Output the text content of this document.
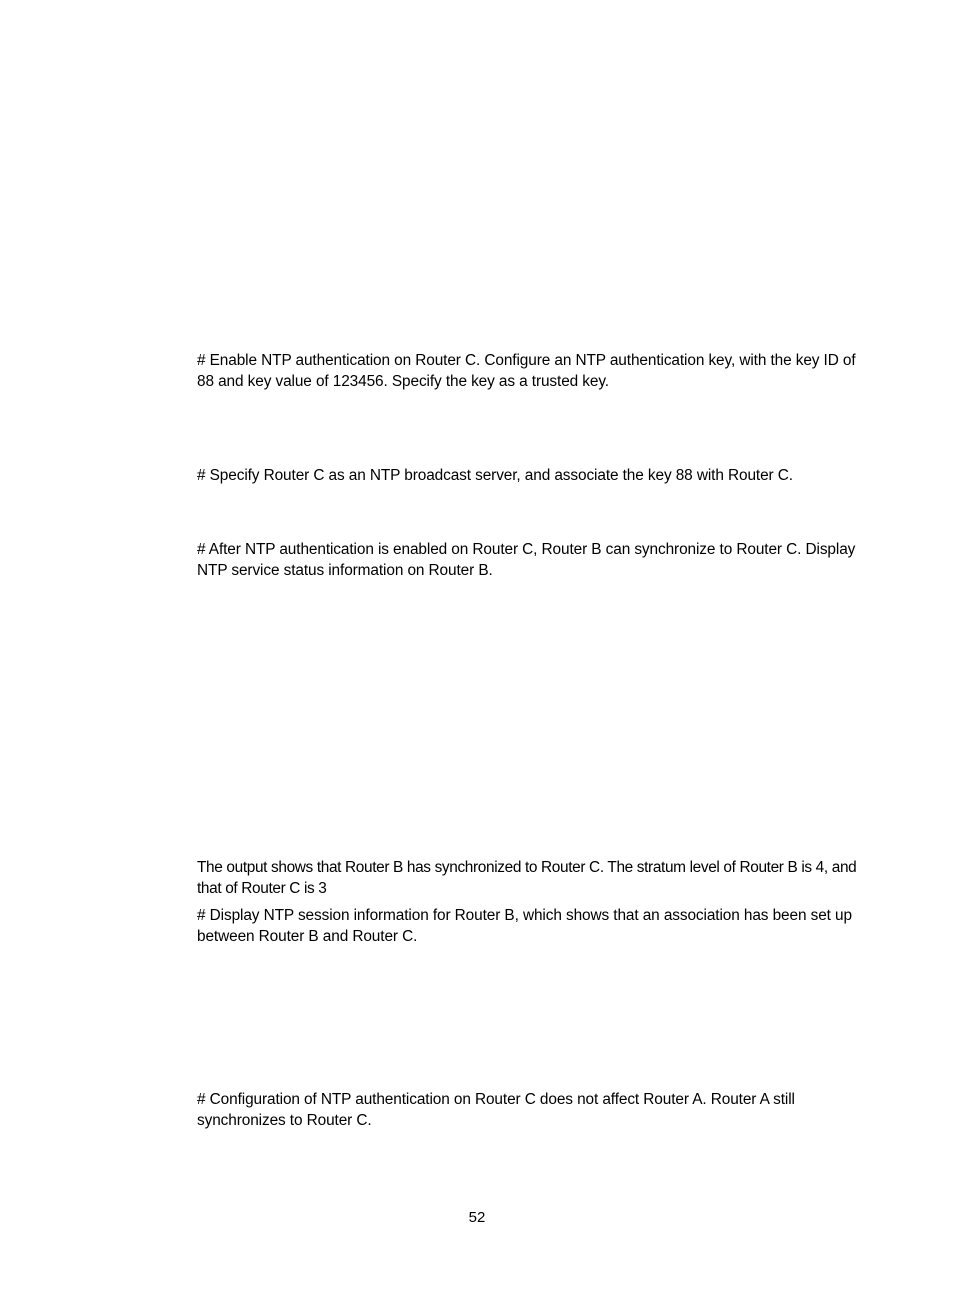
# Enable NTP authentication on Router C. Configure an NTP authentication key, with the key ID of 88 and key value of 123456. Specify the key as a trusted key.

# Specify Router C as an NTP broadcast server, and associate the key 88 with Router C.

# After NTP authentication is enabled on Router C, Router B can synchronize to Router C. Display NTP service status information on Router B.

The output shows that Router B has synchronized to Router C. The stratum level of Router B is 4, and that of Router C is 3

# Display NTP session information for Router B, which shows that an association has been set up between Router B and Router C.

# Configuration of NTP authentication on Router C does not affect Router A. Router A still synchronizes to Router C.

52
